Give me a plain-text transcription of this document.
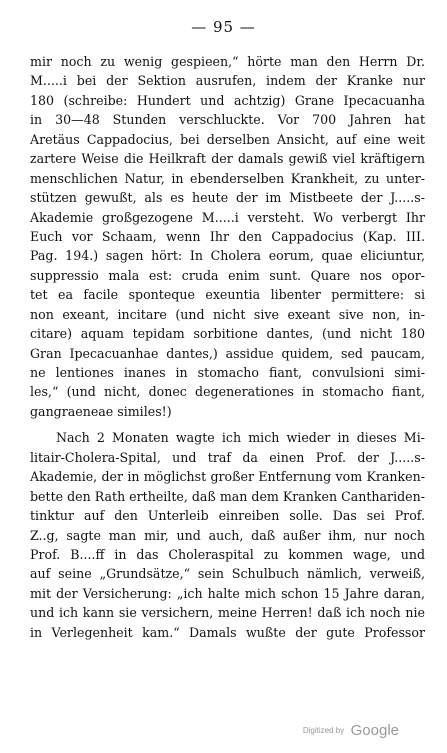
— 95 —
mir noch zu wenig gespieen,“ hörte man den Herrn Dr.
M.....i bei der Sektion ausrufen, indem der Kranke nur
180 (schreibe: Hundert und achtzig) Grane Ipecacuanha
in 30—48 Stunden verschluckte. Vor 700 Jahren hat
Aretäus Cappadocius, bei derselben Ansicht, auf eine weit
zartere Weise die Heilkraft der damals gewiß viel kräftigern
menschlichen Natur, in ebenderselben Krankheit, zu unter-
stützen gewußt, als es heute der im Mistbeete der J.....s-
Akademie großgezogene M.....i versteht. Wo verbergt Ihr
Euch vor Schaam, wenn Ihr den Cappadocius (Kap. III.
Pag. 194.) sagen hört: In Cholera eorum, quae eliciuntur,
suppressio mala est: cruda enim sunt. Quare nos opor-
tet ea facile sponteque exeuntia libenter permittere: si
non exeant, incitare (und nicht sive exeant sive non, in-
citare) aquam tepidam sorbitione dantes, (und nicht 180
Gran Ipecacuanhae dantes,) assidue quidem, sed paucam,
ne lentiones inanes in stomacho fiant, convulsioni simi-
les,“ (und nicht, donec degenerationes in stomacho fiant,
gangraeneae similes!)
Nach 2 Monaten wagte ich mich wieder in dieses Mi-
litair-Cholera-Spital, und traf da einen Prof. der J.....s-
Akademie, der in möglichst großer Entfernung vom Kranken-
bette den Rath ertheilte, daß man dem Kranken Canthariden-
tinktur auf den Unterleib einreiben solle. Das sei Prof.
Z..g, sagte man mir, und auch, daß außer ihm, nur noch
Prof. B....ff in das Choleraspital zu kommen wage, und
auf seine „Grundsätze,“ sein Schulbuch nämlich, verweiß,
mit der Versicherung: „ich halte mich schon 15 Jahre daran,
und ich kann sie versichern, meine Herren! daß ich noch nie
in Verlegenheit kam.“ Damals wußte der gute Professor
Digitized by Google
